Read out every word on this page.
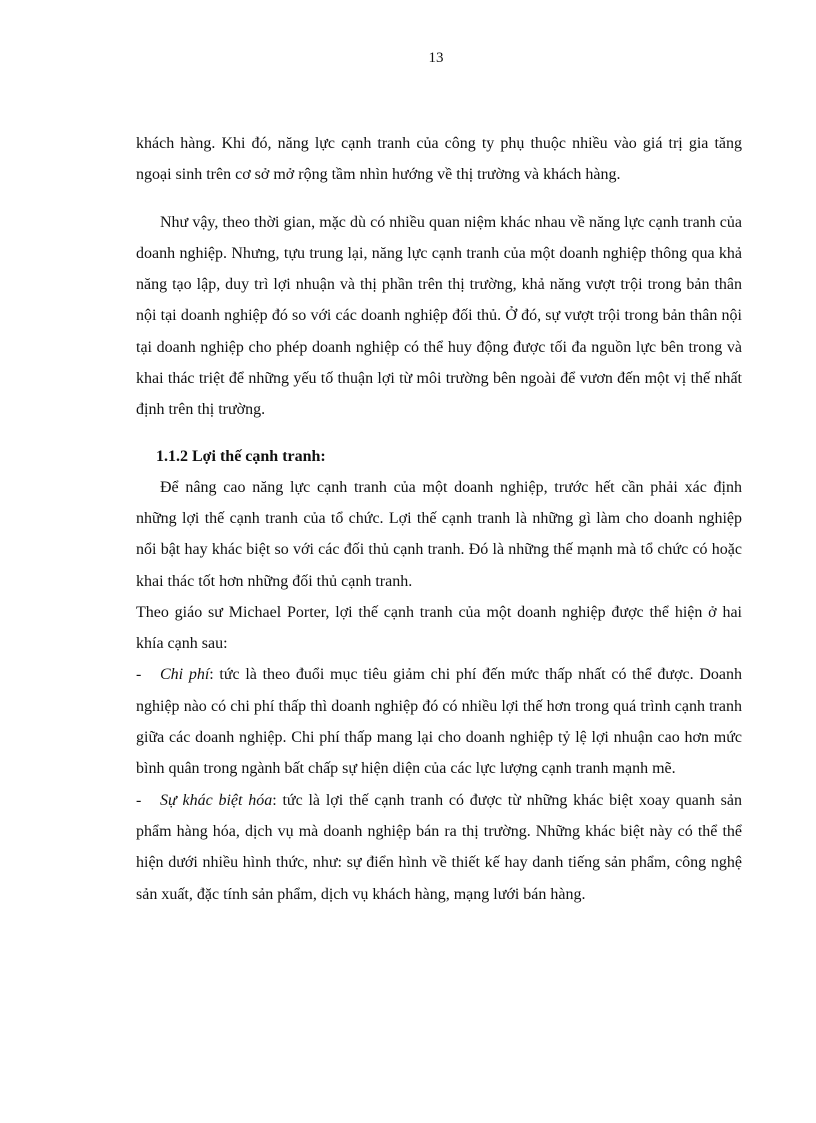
13

khách hàng. Khi đó, năng lực cạnh tranh của công ty phụ thuộc nhiều vào giá trị gia tăng ngoại sinh trên cơ sở mở rộng tầm nhìn hướng về thị trường và khách hàng.

Như vậy, theo thời gian, mặc dù có nhiều quan niệm khác nhau về năng lực cạnh tranh của doanh nghiệp. Nhưng, tựu trung lại, năng lực cạnh tranh của một doanh nghiệp thông qua khả năng tạo lập, duy trì lợi nhuận và thị phần trên thị trường, khả năng vượt trội trong bản thân nội tại doanh nghiệp đó so với các doanh nghiệp đối thủ. Ở đó, sự vượt trội trong bản thân nội tại doanh nghiệp cho phép doanh nghiệp có thể huy động được tối đa nguồn lực bên trong và khai thác triệt để những yếu tố thuận lợi từ môi trường bên ngoài để vươn đến một vị thế nhất định trên thị trường.

1.1.2 Lợi thế cạnh tranh:

Để nâng cao năng lực cạnh tranh của một doanh nghiệp, trước hết cần phải xác định những lợi thế cạnh tranh của tổ chức. Lợi thế cạnh tranh là những gì làm cho doanh nghiệp nổi bật hay khác biệt so với các đối thủ cạnh tranh. Đó là những thế mạnh mà tổ chức có hoặc khai thác tốt hơn những đối thủ cạnh tranh.

Theo giáo sư Michael Porter, lợi thế cạnh tranh của một doanh nghiệp được thể hiện ở hai khía cạnh sau:

- Chi phí: tức là theo đuổi mục tiêu giảm chi phí đến mức thấp nhất có thể được. Doanh nghiệp nào có chi phí thấp thì doanh nghiệp đó có nhiều lợi thế hơn trong quá trình cạnh tranh giữa các doanh nghiệp. Chi phí thấp mang lại cho doanh nghiệp tỷ lệ lợi nhuận cao hơn mức bình quân trong ngành bất chấp sự hiện diện của các lực lượng cạnh tranh mạnh mẽ.

- Sự khác biệt hóa: tức là lợi thế cạnh tranh có được từ những khác biệt xoay quanh sản phẩm hàng hóa, dịch vụ mà doanh nghiệp bán ra thị trường. Những khác biệt này có thể thể hiện dưới nhiều hình thức, như: sự điển hình về thiết kế hay danh tiếng sản phẩm, công nghệ sản xuất, đặc tính sản phẩm, dịch vụ khách hàng, mạng lưới bán hàng.
